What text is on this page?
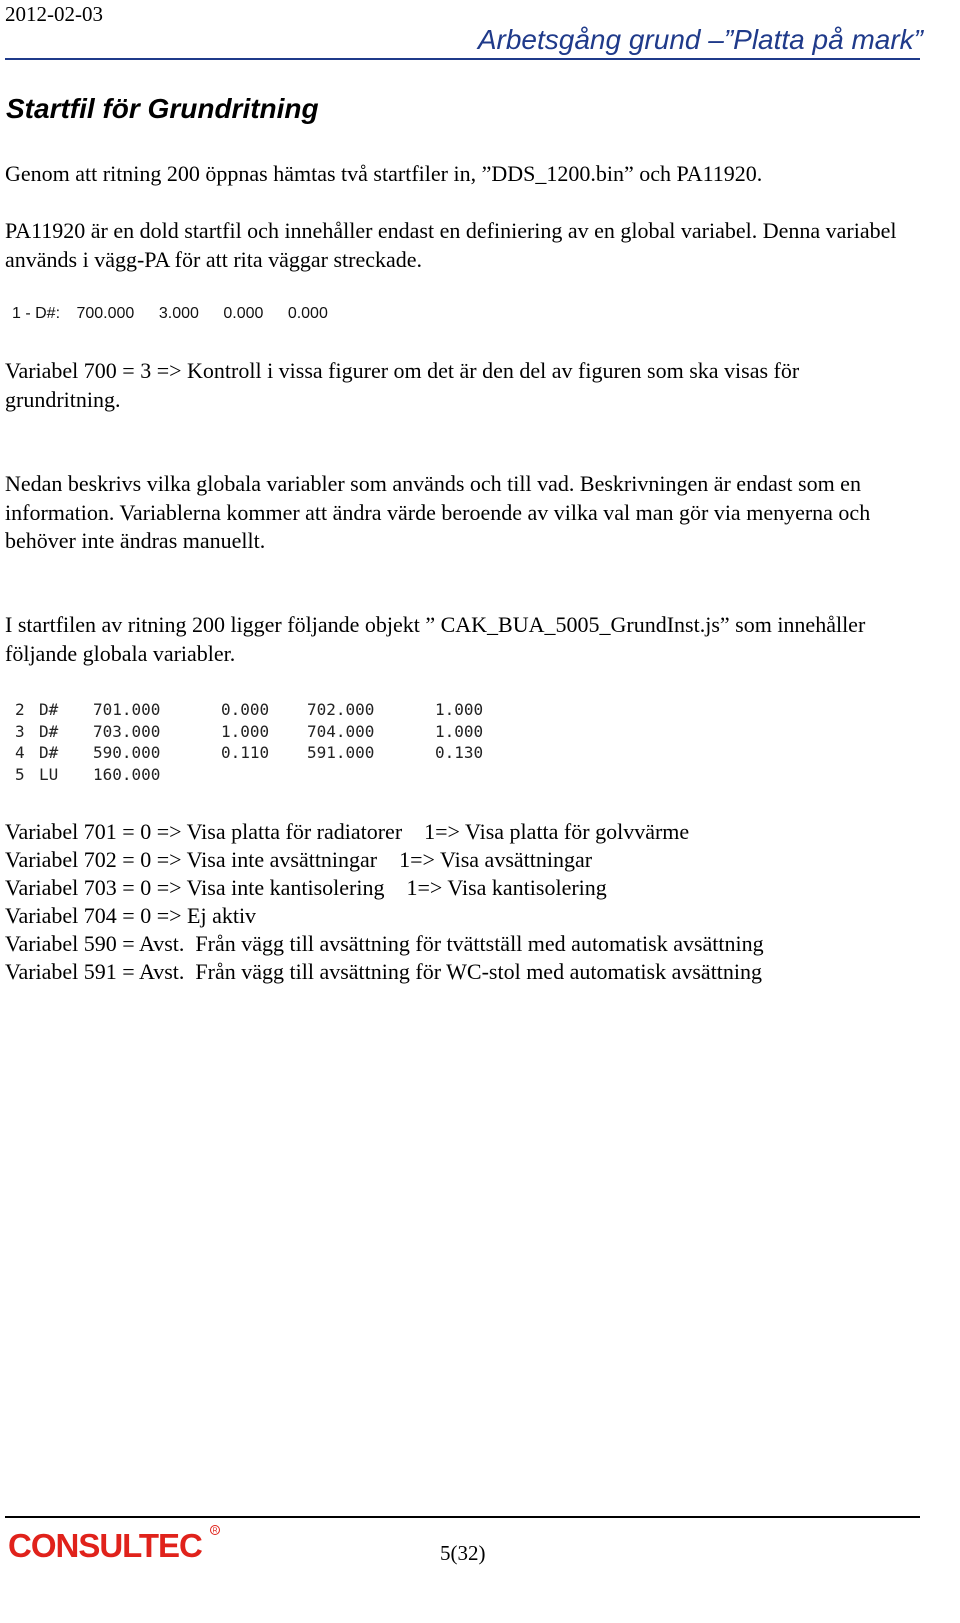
2012-02-03
Arbetsgång grund –”Platta på mark”
Startfil för Grundritning

Genom att ritning 200 öppnas hämtas två startfiler in, ”DDS_1200.bin” och PA11920.

PA11920 är en dold startfil och innehåller endast en definiering av en global variabel. Denna variabel används i vägg-PA för att rita väggar streckade.

1 - D#: 700.000 3.000 0.000 0.000

Variabel 700 = 3 => Kontroll i vissa figurer om det är den del av figuren som ska visas för grundritning.

Nedan beskrivs vilka globala variabler som används och till vad. Beskrivningen är endast som en information. Variablerna kommer att ändra värde beroende av vilka val man gör via menyerna och behöver inte ändras manuellt.

I startfilen av ritning 200 ligger följande objekt ” CAK_BUA_5005_GrundInst.js” som innehåller följande globala variabler.

2	D#	701.000	0.000	702.000	1.000
3	D#	703.000	1.000	704.000	1.000
4	D#	590.000	0.110	591.000	0.130
5	LU	160.000			
Variabel 701 = 0 => Visa platta för radiatorer    1=> Visa platta för golvvärme
Variabel 702 = 0 => Visa inte avsättningar    1=> Visa avsättningar
Variabel 703 = 0 => Visa inte kantisolering    1=> Visa kantisolering
Variabel 704 = 0 => Ej aktiv
Variabel 590 = Avst.  Från vägg till avsättning för tvättställ med automatisk avsättning
Variabel 591 = Avst.  Från vägg till avsättning för WC-stol med automatisk avsättning
CONSULTEC R
5(32)
